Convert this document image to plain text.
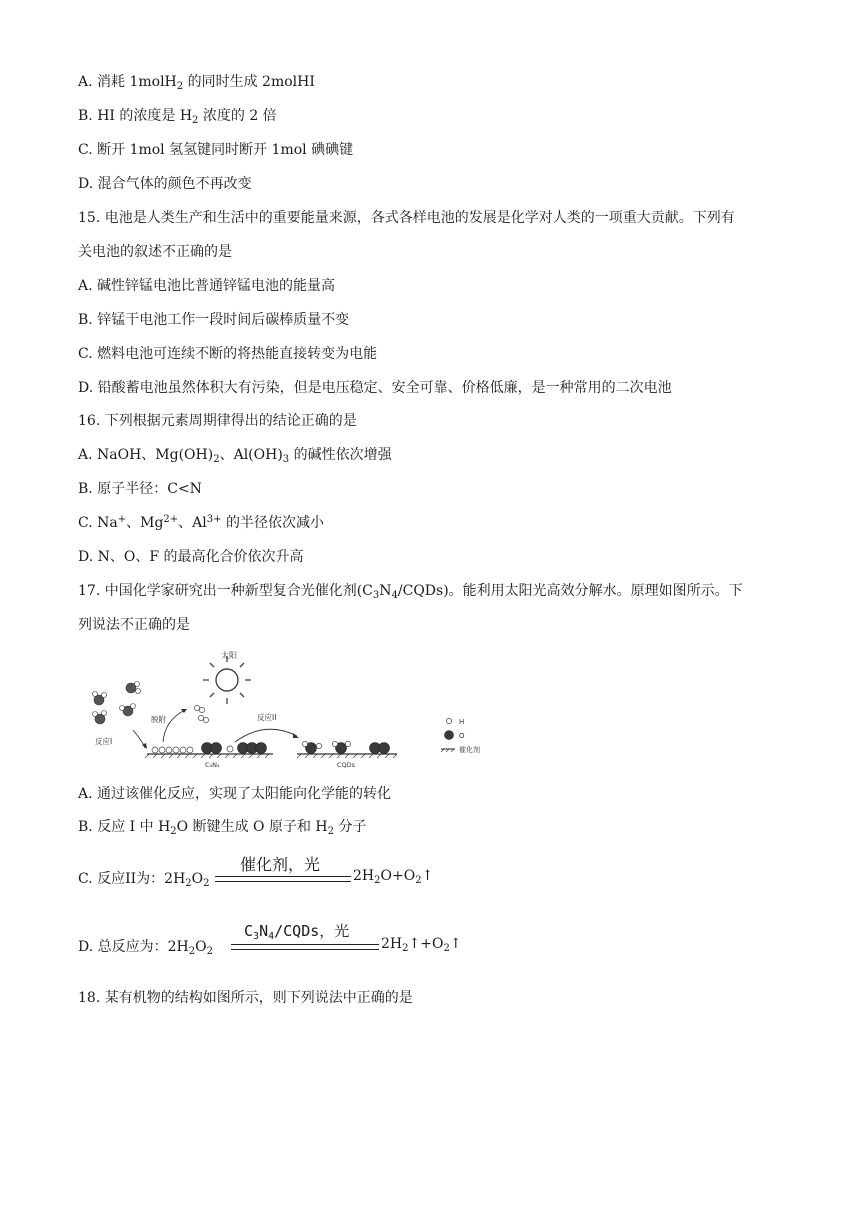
A. 消耗 1molH$_2$ 的同时生成 2molHI
B. HI 的浓度是 $H_2$ 浓度的 2 倍
C. 断开 1mol 氢氢键同时断开 1mol 碘碘键
D. 混合气体的颜色不再改变
15. 电池是人类生产和生活中的重要能量来源，各式各样电池的发展是化学对人类的一项重大贡献。下列有
关电池的叙述不正确的是
A. 碱性锌锰电池比普通锌锰电池的能量高
B. 锌锰干电池工作一段时间后碳棒质量不变
C. 燃料电池可连续不断的将热能直接转变为电能
D. 铅酸蓄电池虽然体积大有污染，但是电压稳定、安全可靠、价格低廉，是一种常用的二次电池
16. 下列根据元素周期律得出的结论正确的是
A. NaOH、$Mg(OH)_2$、$Al(OH)_3$ 的碱性依次增强
B. 原子半径：C<N
C. Na+、$Mg^{2+}$、$Al^{3+}$ 的半径依次减小
D. N、O、F 的最高化合价依次升高
17. 中国化学家研究出一种新型复合光催化剂$(C_3N_4/CQDs)$。能利用太阳光高效分解水。原理如图所示。下
列说法不正确的是
太阳
脱附
反应I
反应II
C₃N₄	CQDs
H
O
催化剂
A. 通过该催化反应，实现了太阳能向化学能的转化
B. 反应 I 中 $H_2O$ 断键生成 O 原子和 $H_2$ 分子
C. 反应II为：$2H_2O_2$
催化剂，光
$2H_2O+O_2↑$
D. 总反应为：$2H_2O_2$
$C_3N_4$/CQDs，光
$2H_2↑+O_2↑$
18. 某有机物的结构如图所示，则下列说法中正确的是
